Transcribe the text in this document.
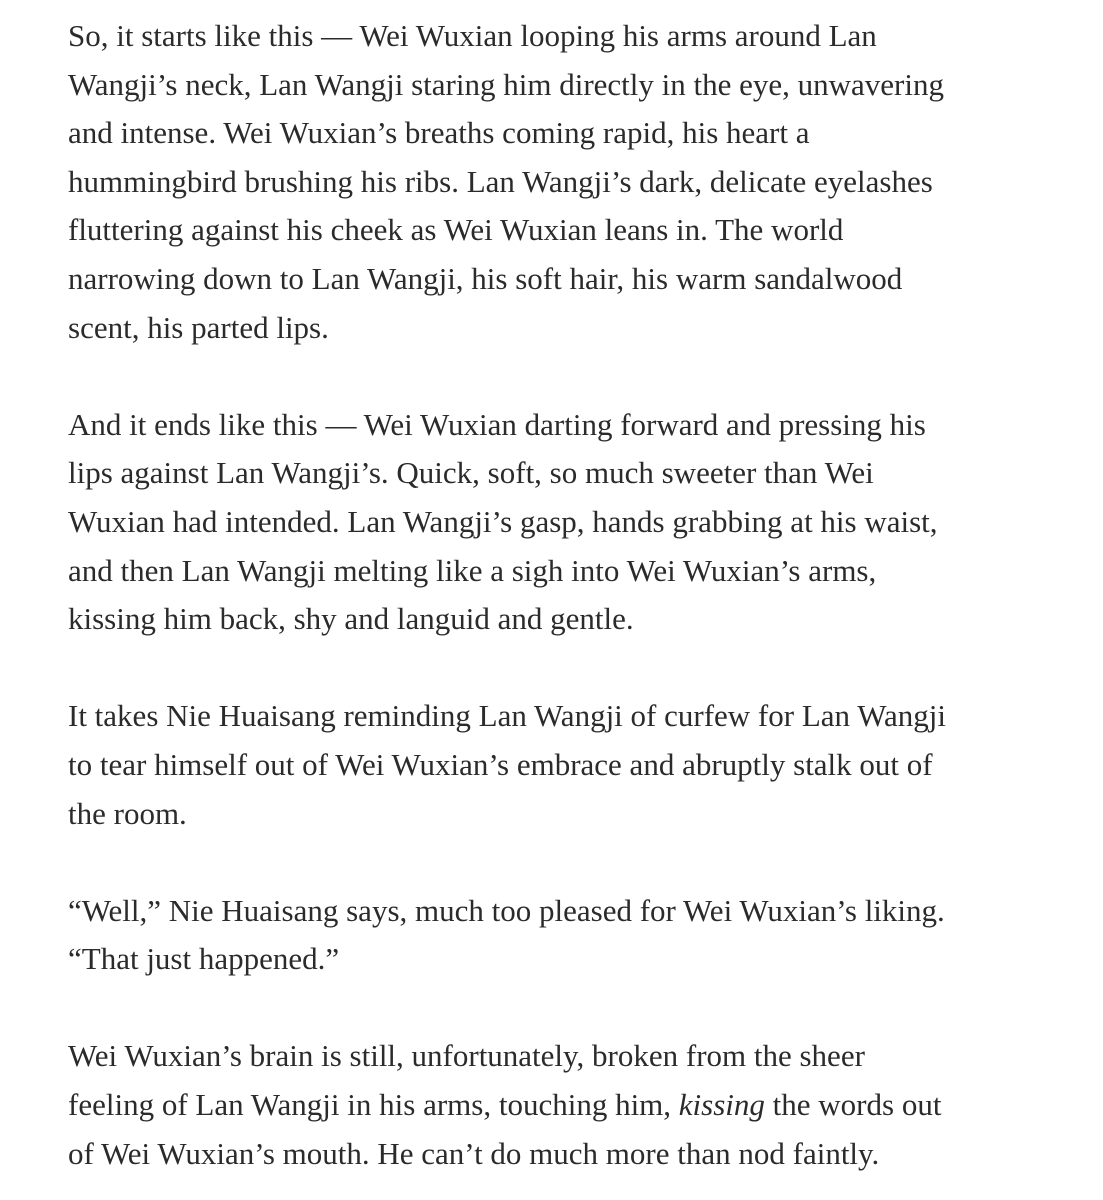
So, it starts like this — Wei Wuxian looping his arms around Lan
Wangji’s neck, Lan Wangji staring him directly in the eye, unwavering
and intense. Wei Wuxian’s breaths coming rapid, his heart a
hummingbird brushing his ribs. Lan Wangji’s dark, delicate eyelashes
fluttering against his cheek as Wei Wuxian leans in. The world
narrowing down to Lan Wangji, his soft hair, his warm sandalwood
scent, his parted lips.

And it ends like this — Wei Wuxian darting forward and pressing his
lips against Lan Wangji’s. Quick, soft, so much sweeter than Wei
Wuxian had intended. Lan Wangji’s gasp, hands grabbing at his waist,
and then Lan Wangji melting like a sigh into Wei Wuxian’s arms,
kissing him back, shy and languid and gentle.

It takes Nie Huaisang reminding Lan Wangji of curfew for Lan Wangji
to tear himself out of Wei Wuxian’s embrace and abruptly stalk out of
the room.

“Well,” Nie Huaisang says, much too pleased for Wei Wuxian’s liking.
“That just happened.”

Wei Wuxian’s brain is still, unfortunately, broken from the sheer
feeling of Lan Wangji in his arms, touching him, kissing the words out
of Wei Wuxian’s mouth. He can’t do much more than nod faintly.
